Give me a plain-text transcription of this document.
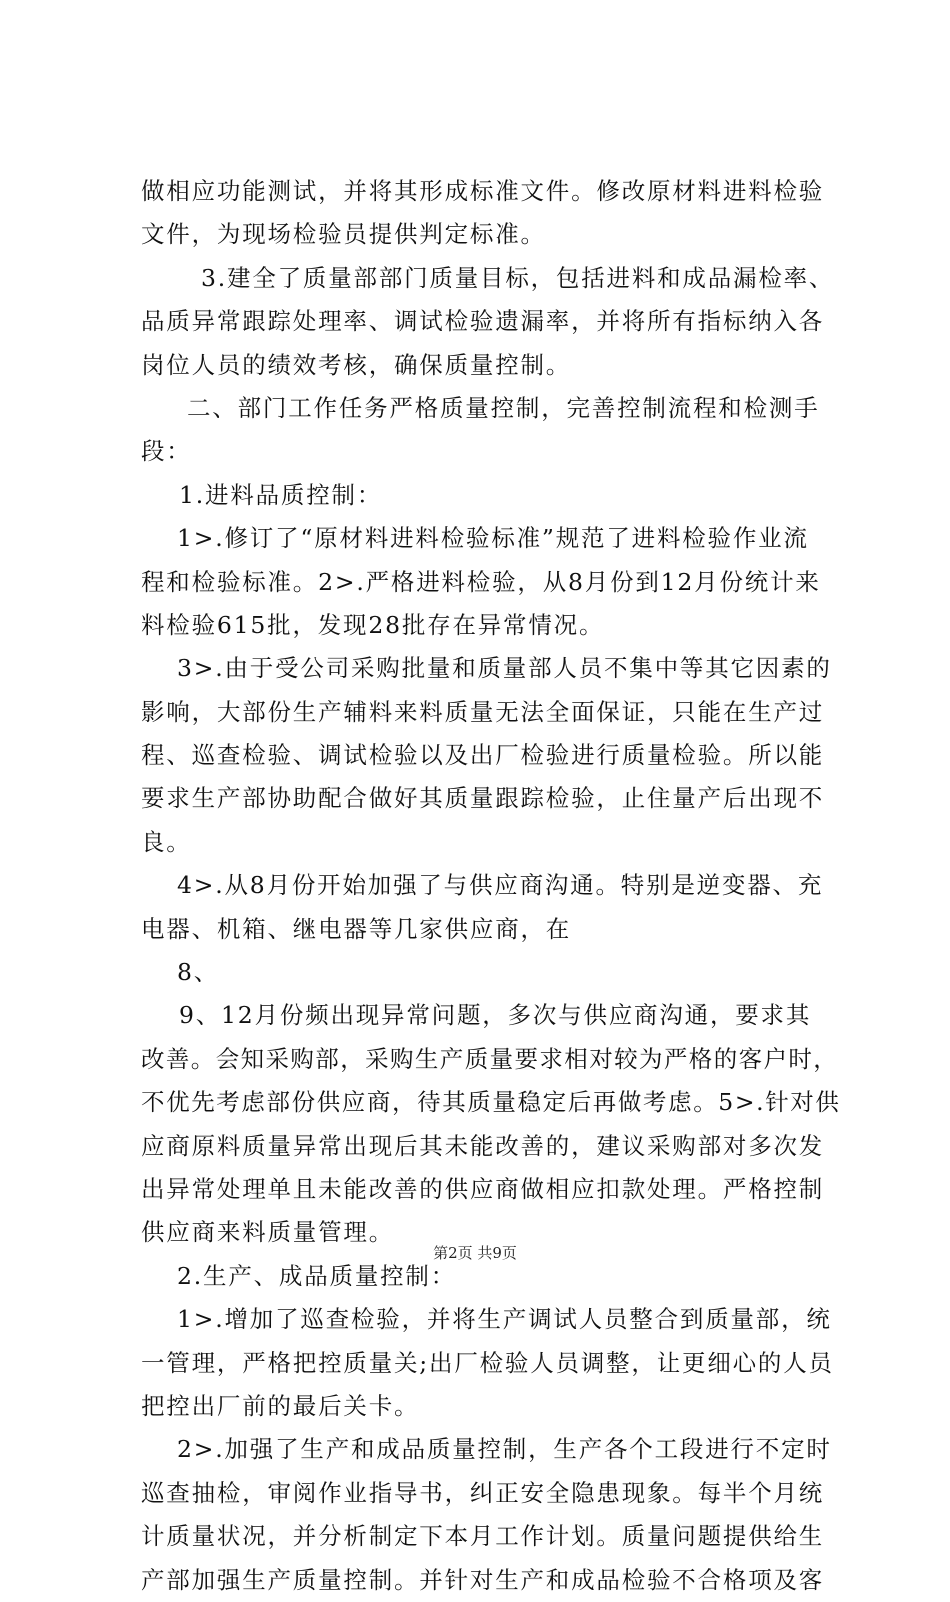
做相应功能测试，并将其形成标准文件。修改原材料进料检验
文件，为现场检验员提供判定标准。
3.建全了质量部部门质量目标，包括进料和成品漏检率、
品质异常跟踪处理率、调试检验遗漏率，并将所有指标纳入各
岗位人员的绩效考核，确保质量控制。
二、部门工作任务严格质量控制，完善控制流程和检测手
段：
1.进料品质控制：
1>.修订了“原材料进料检验标准”规范了进料检验作业流
程和检验标准。2>.严格进料检验，从8月份到12月份统计来
料检验615批，发现28批存在异常情况。
3>.由于受公司采购批量和质量部人员不集中等其它因素的
影响，大部份生产辅料来料质量无法全面保证，只能在生产过
程、巡查检验、调试检验以及出厂检验进行质量检验。所以能
要求生产部协助配合做好其质量跟踪检验，止住量产后出现不
良。
4>.从8月份开始加强了与供应商沟通。特别是逆变器、充
电器、机箱、继电器等几家供应商，在
8、
9、12月份频出现异常问题，多次与供应商沟通，要求其
改善。会知采购部，采购生产质量要求相对较为严格的客户时，
不优先考虑部份供应商，待其质量稳定后再做考虑。5>.针对供
应商原料质量异常出现后其未能改善的，建议采购部对多次发
出异常处理单且未能改善的供应商做相应扣款处理。严格控制
供应商来料质量管理。
2.生产、成品质量控制：
1>.增加了巡查检验，并将生产调试人员整合到质量部，统
一管理，严格把控质量关;出厂检验人员调整，让更细心的人员
把控出厂前的最后关卡。
2>.加强了生产和成品质量控制，生产各个工段进行不定时
巡查抽检，审阅作业指导书，纠正安全隐患现象。每半个月统
计质量状况，并分析制定下本月工作计划。质量问题提供给生
产部加强生产质量控制。并针对生产和成品检验不合格项及客
第2页 共9页
